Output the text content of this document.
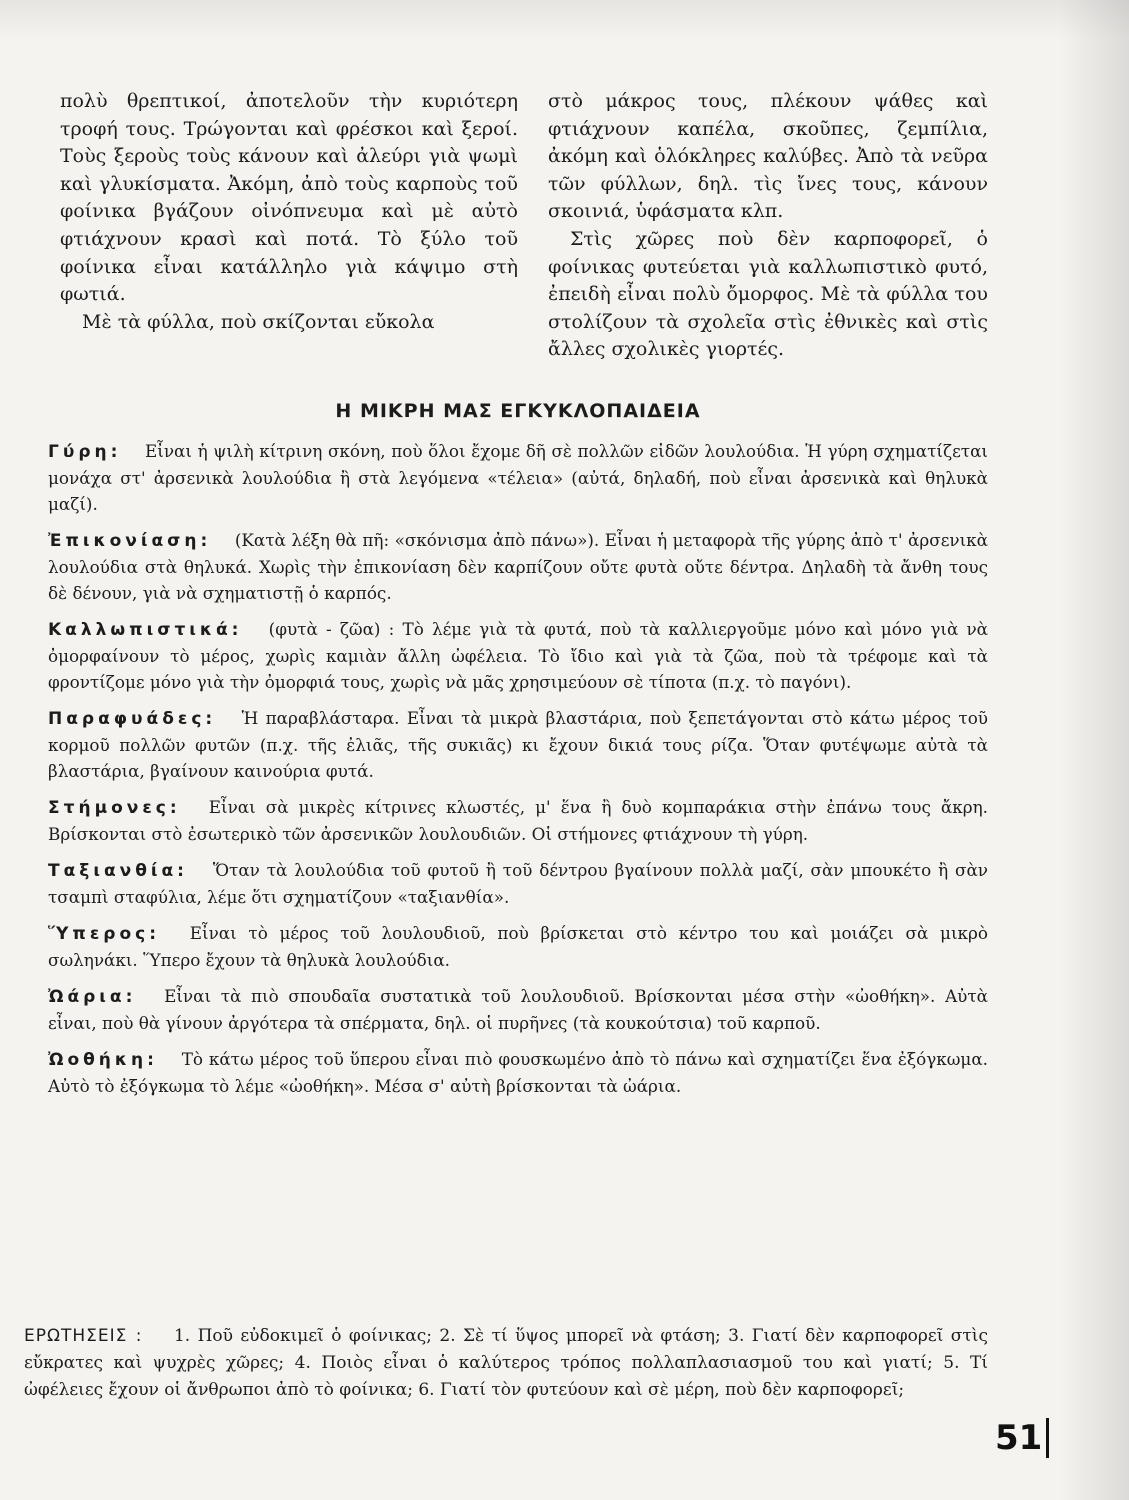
πολὺ θρεπτικοί, ἀποτελοῦν τὴν κυριότερη τροφή τους. Τρώγονται καὶ φρέσκοι καὶ ξεροί. Τοὺς ξεροὺς τοὺς κάνουν καὶ ἀλεύρι γιὰ ψωμὶ καὶ γλυκίσματα. Ἀκόμη, ἀπὸ τοὺς καρποὺς τοῦ φοίνικα βγάζουν οἰνόπνευμα καὶ μὲ αὐτὸ φτιάχνουν κρασὶ καὶ ποτά. Τὸ ξύλο τοῦ φοίνικα εἶναι κατάλληλο γιὰ κάψιμο στὴ φωτιά.

Μὲ τὰ φύλλα, ποὺ σκίζονται εὔκολα

στὸ μάκρος τους, πλέκουν ψάθες καὶ φτιάχνουν καπέλα, σκοῦπες, ζεμπίλια, ἀκόμη καὶ ὁλόκληρες καλύβες. Ἀπὸ τὰ νεῦρα τῶν φύλλων, δηλ. τὶς ἴνες τους, κάνουν σκοινιά, ὑφάσματα κλπ.

Στὶς χῶρες ποὺ δὲν καρποφορεῖ, ὁ φοίνικας φυτεύεται γιὰ καλλωπιστικὸ φυτό, ἐπειδὴ εἶναι πολὺ ὄμορφος. Μὲ τὰ φύλλα του στολίζουν τὰ σχολεῖα στὶς ἐθνικὲς καὶ στὶς ἄλλες σχολικὲς γιορτές.

Η ΜΙΚΡΗ ΜΑΣ ΕΓΚΥΚΛΟΠΑΙΔΕΙΑ

Γύρη: Εἶναι ἡ ψιλὴ κίτρινη σκόνη, ποὺ ὅλοι ἔχομε δῆ σὲ πολλῶν εἰδῶν λουλούδια. Ἡ γύρη σχηματίζεται μονάχα στ' ἀρσενικὰ λουλούδια ἢ στὰ λεγόμενα «τέλεια» (αὐτά, δηλαδή, ποὺ εἶναι ἀρσενικὰ καὶ θηλυκὰ μαζί).

Ἐπικονίαση: (Κατὰ λέξη θὰ πῆ: «σκόνισμα ἀπὸ πάνω»). Εἶναι ἡ μεταφορὰ τῆς γύρης ἀπὸ τ' ἀρσενικὰ λουλούδια στὰ θηλυκά. Χωρὶς τὴν ἐπικονίαση δὲν καρπίζουν οὔτε φυτὰ οὔτε δέντρα. Δηλαδὴ τὰ ἄνθη τους δὲ δένουν, γιὰ νὰ σχηματιστῇ ὁ καρπός.

Καλλωπιστικά: (φυτὰ - ζῶα) : Τὸ λέμε γιὰ τὰ φυτά, ποὺ τὰ καλλιεργοῦμε μόνο καὶ μόνο γιὰ νὰ ὀμορφαίνουν τὸ μέρος, χωρὶς καμιὰν ἄλλη ὠφέλεια. Τὸ ἴδιο καὶ γιὰ τὰ ζῶα, ποὺ τὰ τρέφομε καὶ τὰ φροντίζομε μόνο γιὰ τὴν ὀμορφιά τους, χωρὶς νὰ μᾶς χρησιμεύουν σὲ τίποτα (π.χ. τὸ παγόνι).

Παραφυάδες: Ἡ παραβλάσταρα. Εἶναι τὰ μικρὰ βλαστάρια, ποὺ ξεπετάγονται στὸ κάτω μέρος τοῦ κορμοῦ πολλῶν φυτῶν (π.χ. τῆς ἐλιᾶς, τῆς συκιᾶς) κι ἔχουν δικιά τους ρίζα. Ὅταν φυτέψωμε αὐτὰ τὰ βλαστάρια, βγαίνουν καινούρια φυτά.

Στήμονες: Εἶναι σὰ μικρὲς κίτρινες κλωστές, μ' ἕνα ἢ δυὸ κομπαράκια στὴν ἐπάνω τους ἄκρη. Βρίσκονται στὸ ἐσωτερικὸ τῶν ἀρσενικῶν λουλουδιῶν. Οἱ στήμονες φτιάχνουν τὴ γύρη.

Ταξιανθία: Ὅταν τὰ λουλούδια τοῦ φυτοῦ ἢ τοῦ δέντρου βγαίνουν πολλὰ μαζί, σὰν μπουκέτο ἢ σὰν τσαμπὶ σταφύλια, λέμε ὅτι σχηματίζουν «ταξιανθία».

Ὕπερος: Εἶναι τὸ μέρος τοῦ λουλουδιοῦ, ποὺ βρίσκεται στὸ κέντρο του καὶ μοιάζει σὰ μικρὸ σωληνάκι. Ὕπερο ἔχουν τὰ θηλυκὰ λουλούδια.

Ὠάρια: Εἶναι τὰ πιὸ σπουδαῖα συστατικὰ τοῦ λουλουδιοῦ. Βρίσκονται μέσα στὴν «ὠοθήκη». Αὐτὰ εἶναι, ποὺ θὰ γίνουν ἀργότερα τὰ σπέρματα, δηλ. οἱ πυρῆνες (τὰ κουκούτσια) τοῦ καρποῦ.

Ὠοθήκη: Τὸ κάτω μέρος τοῦ ὕπερου εἶναι πιὸ φουσκωμένο ἀπὸ τὸ πάνω καὶ σχηματίζει ἕνα ἐξόγκωμα. Αὐτὸ τὸ ἐξόγκωμα τὸ λέμε «ὠοθήκη». Μέσα σ' αὐτὴ βρίσκονται τὰ ὠάρια.

ΕΡΩΤΗΣΕΙΣ : 1. Ποῦ εὐδοκιμεῖ ὁ φοίνικας; 2. Σὲ τί ὕψος μπορεῖ νὰ φτάση; 3. Γιατί δὲν καρποφορεῖ στὶς εὔκρατες καὶ ψυχρὲς χῶρες; 4. Ποιὸς εἶναι ὁ καλύτερος τρόπος πολλαπλασιασμοῦ του καὶ γιατί; 5. Τί ὠφέλειες ἔχουν οἱ ἄνθρωποι ἀπὸ τὸ φοίνικα; 6. Γιατί τὸν φυτεύουν καὶ σὲ μέρη, ποὺ δὲν καρποφορεῖ;
51
